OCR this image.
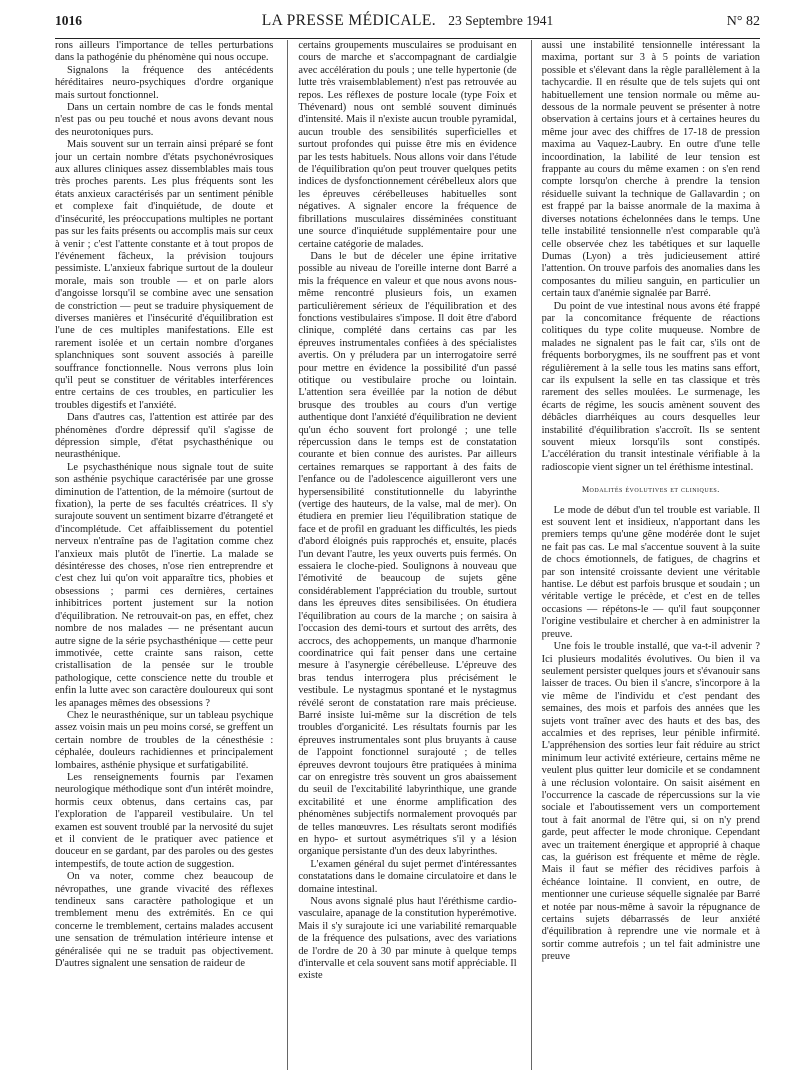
1016	LA PRESSE MÉDICALE. 23 Septembre 1941	N° 82

rons ailleurs l'importance de telles perturbations dans la pathogénie du phénomène qui nous occupe.

Signalons la fréquence des antécédents héréditaires neuro-psychiques d'ordre organique mais surtout fonctionnel.

Dans un certain nombre de cas le fonds mental n'est pas ou peu touché et nous avons devant nous des neurotoniques purs.

Mais souvent sur un terrain ainsi préparé se font jour un certain nombre d'états psychonévrosiques aux allures cliniques assez dissemblables mais tous très proches parents. Les plus fréquents sont les états anxieux caractérisés par un sentiment pénible et complexe fait d'inquiétude, de doute et d'insécurité, les préoccupations multiples ne portant pas sur les faits présents ou accomplis mais sur ceux à venir ; c'est l'attente constante et à tout propos de l'événement fâcheux, la prévision toujours pessimiste. L'anxieux fabrique surtout de la douleur morale, mais son trouble — et on parle alors d'angoisse lorsqu'il se combine avec une sensation de constriction — peut se traduire physiquement de diverses manières et l'insécurité d'équilibration est l'une de ces multiples manifestations. Elle est rarement isolée et un certain nombre d'organes splanchniques sont souvent associés à pareille souffrance fonctionnelle. Nous verrons plus loin qu'il peut se constituer de véritables interférences entre certains de ces troubles, en particulier les troubles digestifs et l'anxiété.

Dans d'autres cas, l'attention est attirée par des phénomènes d'ordre dépressif qu'il s'agisse de dépression simple, d'état psychasthénique ou neurasthénique.

Le psychasthénique nous signale tout de suite son asthénie psychique caractérisée par une grosse diminution de l'attention, de la mémoire (surtout de fixation), la perte de ses facultés créatrices. Il s'y surajoute souvent un sentiment bizarre d'étrangeté et d'incomplétude. Cet affaiblissement du potentiel nerveux n'entraîne pas de l'agitation comme chez l'anxieux mais plutôt de l'inertie. La malade se désintéresse des choses, n'ose rien entreprendre et c'est chez lui qu'on voit apparaître tics, phobies et obsessions ; parmi ces dernières, certaines inhibitrices portent justement sur la notion d'équilibration. Ne retrouvait-on pas, en effet, chez nombre de nos malades — ne présentant aucun autre signe de la série psychasthénique — cette peur immotivée, cette crainte sans raison, cette cristallisation de la pensée sur le trouble pathologique, cette conscience nette du trouble et enfin la lutte avec son caractère douloureux qui sont les apanages mêmes des obsessions ?

Chez le neurasthénique, sur un tableau psychique assez voisin mais un peu moins corsé, se greffent un certain nombre de troubles de la cénesthésie : céphalée, douleurs rachidiennes et principalement lombaires, asthénie physique et surfatigabilité.

Les renseignements fournis par l'examen neurologique méthodique sont d'un intérêt moindre, hormis ceux obtenus, dans certains cas, par l'exploration de l'appareil vestibulaire. Un tel examen est souvent troublé par la nervosité du sujet et il convient de le pratiquer avec patience et douceur en se gardant, par des paroles ou des gestes intempestifs, de toute action de suggestion.

On va noter, comme chez beaucoup de névropathes, une grande vivacité des réflexes tendineux sans caractère pathologique et un tremblement menu des extrémités. En ce qui concerne le tremblement, certains malades accusent une sensation de trémulation intérieure intense et généralisée qui ne se traduit pas objectivement. D'autres signalent une sensation de raideur de

certains groupements musculaires se produisant en cours de marche et s'accompagnant de cardialgie avec accélération du pouls ; une telle hypertonie (de lutte très vraisemblablement) n'est pas retrouvée au repos. Les réflexes de posture locale (type Foix et Thévenard) nous ont semblé souvent diminués d'intensité. Mais il n'existe aucun trouble pyramidal, aucun trouble des sensibilités superficielles et surtout profondes qui puisse être mis en évidence par les tests habituels. Nous allons voir dans l'étude de l'équilibration qu'on peut trouver quelques petits indices de dysfonctionnement cérébelleux alors que les épreuves cérébelleuses habituelles sont négatives. A signaler encore la fréquence de fibrillations musculaires disséminées constituant une source d'inquiétude supplémentaire pour une certaine catégorie de malades.

Dans le but de déceler une épine irritative possible au niveau de l'oreille interne dont Barré a mis la fréquence en valeur et que nous avons nous-même rencontré plusieurs fois, un examen particulièrement sérieux de l'équilibration et des fonctions vestibulaires s'impose. Il doit être d'abord clinique, complété dans certains cas par les épreuves instrumentales confiées à des spécialistes avertis. On y préludera par un interrogatoire serré pour mettre en évidence la possibilité d'un passé otitique ou vestibulaire proche ou lointain. L'attention sera éveillée par la notion de début brusque des troubles au cours d'un vertige authentique dont l'anxiété d'équilibration ne devient qu'un écho souvent fort prolongé ; une telle répercussion dans le temps est de constatation courante et bien connue des auristes. Par ailleurs certaines remarques se rapportant à des faits de l'enfance ou de l'adolescence aiguilleront vers une hypersensibilité constitutionnelle du labyrinthe (vertige des hauteurs, de la valse, mal de mer). On étudiera en premier lieu l'équilibration statique de face et de profil en graduant les difficultés, les pieds d'abord éloignés puis rapprochés et, ensuite, placés l'un devant l'autre, les yeux ouverts puis fermés. On essaiera le cloche-pied. Soulignons à nouveau que l'émotivité de beaucoup de sujets gêne considérablement l'appréciation du trouble, surtout dans les épreuves dites sensibilisées. On étudiera l'équilibration au cours de la marche ; on saisira à l'occasion des demi-tours et surtout des arrêts, des accrocs, des achoppements, un manque d'harmonie coordinatrice qui fait penser dans une certaine mesure à l'asynergie cérébelleuse. L'épreuve des bras tendus interrogera plus précisément le vestibule. Le nystagmus spontané et le nystagmus révélé seront de constatation rare mais précieuse. Barré insiste lui-même sur la discrétion de tels troubles d'organicité. Les résultats fournis par les épreuves instrumentales sont plus bruyants à cause de l'appoint fonctionnel surajouté ; de telles épreuves devront toujours être pratiquées à minima car on enregistre très souvent un gros abaissement du seuil de l'excitabilité labyrinthique, une grande excitabilité et une énorme amplification des phénomènes subjectifs normalement provoqués par de telles manœuvres. Les résultats seront modifiés en hypo- et surtout asymétriques s'il y a lésion organique persistante d'un des deux labyrinthes.

L'examen général du sujet permet d'intéressantes constatations dans le domaine circulatoire et dans le domaine intestinal.

Nous avons signalé plus haut l'éréthisme cardio-vasculaire, apanage de la constitution hyperémotive. Mais il s'y surajoute ici une variabilité remarquable de la fréquence des pulsations, avec des variations de l'ordre de 20 à 30 par minute à quelque temps d'intervalle et cela souvent sans motif appréciable. Il existe

aussi une instabilité tensionnelle intéressant la maxima, portant sur 3 à 5 points de variation possible et s'élevant dans la règle parallèlement à la tachycardie. Il en résulte que de tels sujets qui ont habituellement une tension normale ou même au-dessous de la normale peuvent se présenter à notre observation à certains jours et à certaines heures du même jour avec des chiffres de 17-18 de pression maxima au Vaquez-Laubry. En outre d'une telle incoordination, la labilité de leur tension est frappante au cours du même examen : on s'en rend compte lorsqu'on cherche à prendre la tension résiduelle suivant la technique de Gallavardin ; on est frappé par la baisse anormale de la maxima à diverses notations échelonnées dans le temps. Une telle instabilité tensionnelle n'est comparable qu'à celle observée chez les tabétiques et sur laquelle Dumas (Lyon) a très judicieusement attiré l'attention. On trouve parfois des anomalies dans les composantes du milieu sanguin, en particulier un certain taux d'anémie signalée par Barré.

Du point de vue intestinal nous avons été frappé par la concomitance fréquente de réactions colitiques du type colite muqueuse. Nombre de malades ne signalent pas le fait car, s'ils ont de fréquents borborygmes, ils ne souffrent pas et vont régulièrement à la selle tous les matins sans effort, car ils expulsent la selle en tas classique et très rarement des selles moulées. Le surmenage, les écarts de régime, les soucis amènent souvent des débâcles diarrhéiques au cours desquelles leur instabilité d'équilibration s'accroît. Ils se sentent souvent mieux lorsqu'ils sont constipés. L'accélération du transit intestinale vérifiable à la radioscopie vient signer un tel éréthisme intestinal.

Modalités évolutives et cliniques.

Le mode de début d'un tel trouble est variable. Il est souvent lent et insidieux, n'apportant dans les premiers temps qu'une gêne modérée dont le sujet ne fait pas cas. Le mal s'accentue souvent à la suite de chocs émotionnels, de fatigues, de chagrins et par son intensité croissante devient une véritable hantise. Le début est parfois brusque et soudain ; un véritable vertige le précède, et c'est en de telles occasions — répétons-le — qu'il faut soupçonner l'origine vestibulaire et chercher à en administrer la preuve.

Une fois le trouble installé, que va-t-il advenir ? Ici plusieurs modalités évolutives. Ou bien il va seulement persister quelques jours et s'évanouir sans laisser de traces. Ou bien il s'ancre, s'incorpore à la vie même de l'individu et c'est pendant des semaines, des mois et parfois des années que les sujets vont traîner avec des hauts et des bas, des accalmies et des reprises, leur pénible infirmité. L'appréhension des sorties leur fait réduire au strict minimum leur activité extérieure, certains même ne veulent plus quitter leur domicile et se condamnent à une réclusion volontaire. On saisit aisément en l'occurrence la cascade de répercussions sur la vie sociale et l'aboutissement vers un comportement tout à fait anormal de l'être qui, si on n'y prend garde, peut affecter le mode chronique. Cependant avec un traitement énergique et approprié à chaque cas, la guérison est fréquente et même de règle. Mais il faut se méfier des récidives parfois à échéance lointaine. Il convient, en outre, de mentionner une curieuse séquelle signalée par Barré et notée par nous-même à savoir la répugnance de certains sujets débarrassés de leur anxiété d'équilibration à reprendre une vie normale et à sortir comme autrefois ; un tel fait administre une preuve
